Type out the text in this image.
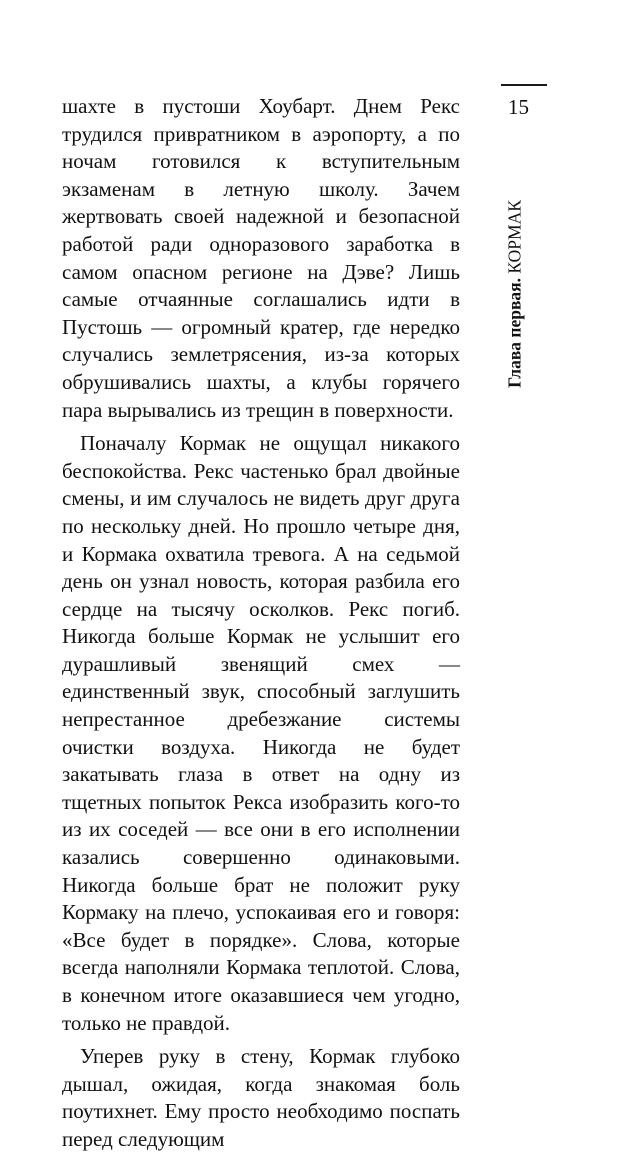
15
Глава первая. КОРМАК

шахте в пустоши Хоубарт. Днем Рекс трудился привратником в аэропорту, а по ночам готовился к вступительным экзаменам в летную школу. Зачем жертвовать своей надежной и безопасной работой ради одноразового заработка в самом опасном регионе на Дэве? Лишь самые отчаянные соглашались идти в Пустошь — огромный кратер, где нередко случались землетрясения, из-за которых обрушивались шахты, а клубы горячего пара вырывались из трещин в поверхности.

Поначалу Кормак не ощущал никакого беспокойства. Рекс частенько брал двойные смены, и им случалось не видеть друг друга по нескольку дней. Но прошло четыре дня, и Кормака охватила тревога. А на седьмой день он узнал новость, которая разбила его сердце на тысячу осколков. Рекс погиб. Никогда больше Кормак не услышит его дурашливый звенящий смех — единственный звук, способный заглушить непрестанное дребезжание системы очистки воздуха. Никогда не будет закатывать глаза в ответ на одну из тщетных попыток Рекса изобразить кого-то из их соседей — все они в его исполнении казались совершенно одинаковыми. Никогда больше брат не положит руку Кормаку на плечо, успокаивая его и говоря: «Все будет в порядке». Слова, которые всегда наполняли Кормака теплотой. Слова, в конечном итоге оказавшиеся чем угодно, только не правдой.

Уперев руку в стену, Кормак глубоко дышал, ожидая, когда знакомая боль поутихнет. Ему просто необходимо поспать перед следующим
